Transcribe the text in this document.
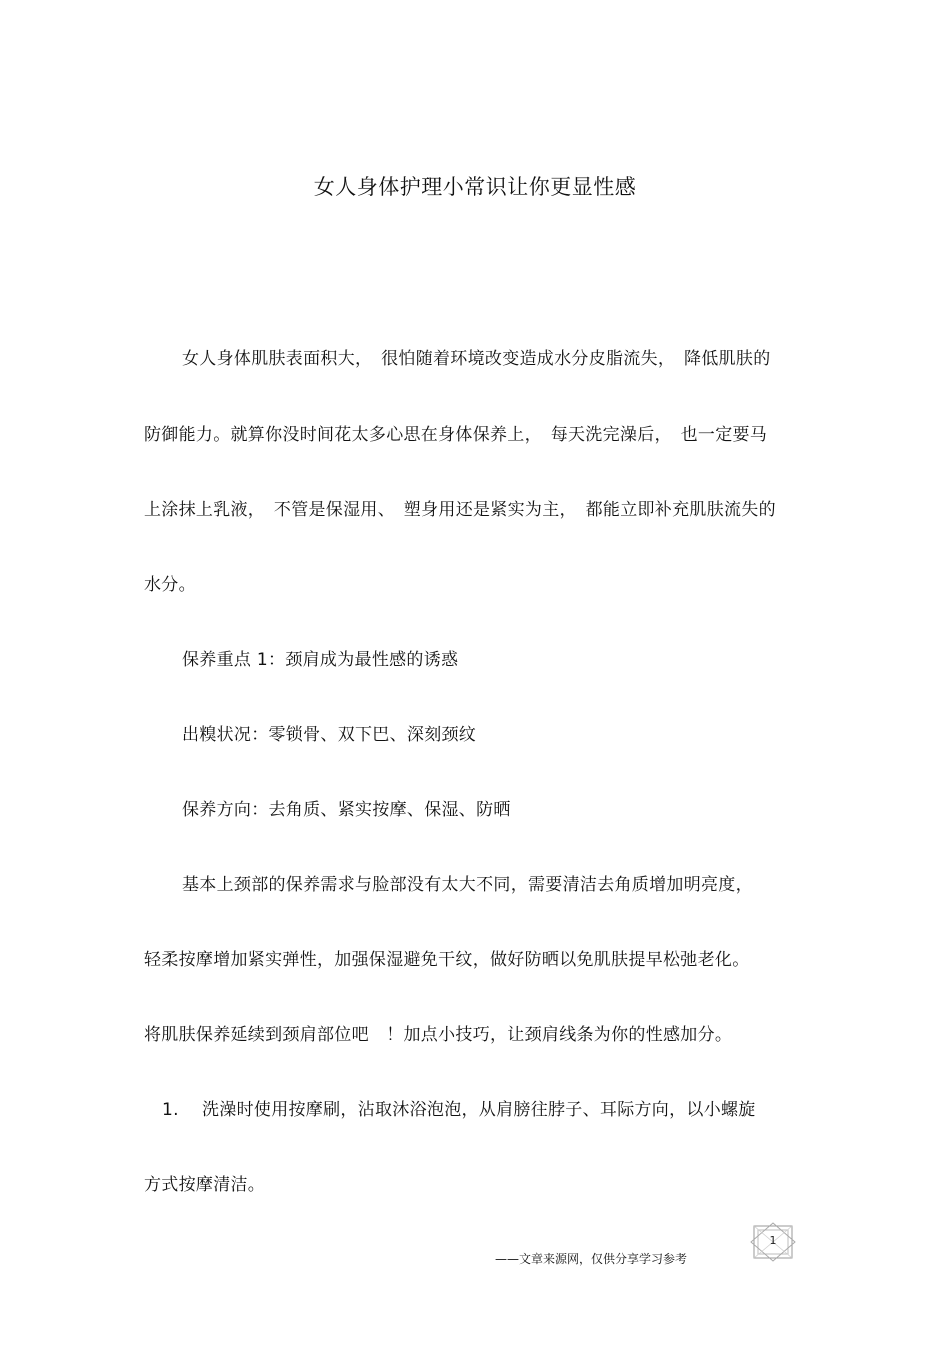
女人身体护理小常识让你更显性感
女人身体肌肤表面积大，　很怕随着环境改变造成水分皮脂流失，　降低肌肤的
防御能力。就算你没时间花太多心思在身体保养上，　每天洗完澡后，　也一定要马
上涂抹上乳液，　不管是保湿用、　塑身用还是紧实为主，　都能立即补充肌肤流失的
水分。
保养重点 1：颈肩成为最性感的诱惑
出糗状况：零锁骨、双下巴、深刻颈纹
保养方向：去角质、紧实按摩、保湿、防晒
基本上颈部的保养需求与脸部没有太大不同，需要清洁去角质增加明亮度，
轻柔按摩增加紧实弹性，加强保湿避免干纹，做好防晒以免肌肤提早松弛老化。
将肌肤保养延续到颈肩部位吧　！加点小技巧，让颈肩线条为你的性感加分。
1. 洗澡时使用按摩刷，沾取沐浴泡泡，从肩膀往脖子、耳际方向，以小螺旋
方式按摩清洁。
——文章来源网，仅供分享学习参考
1
